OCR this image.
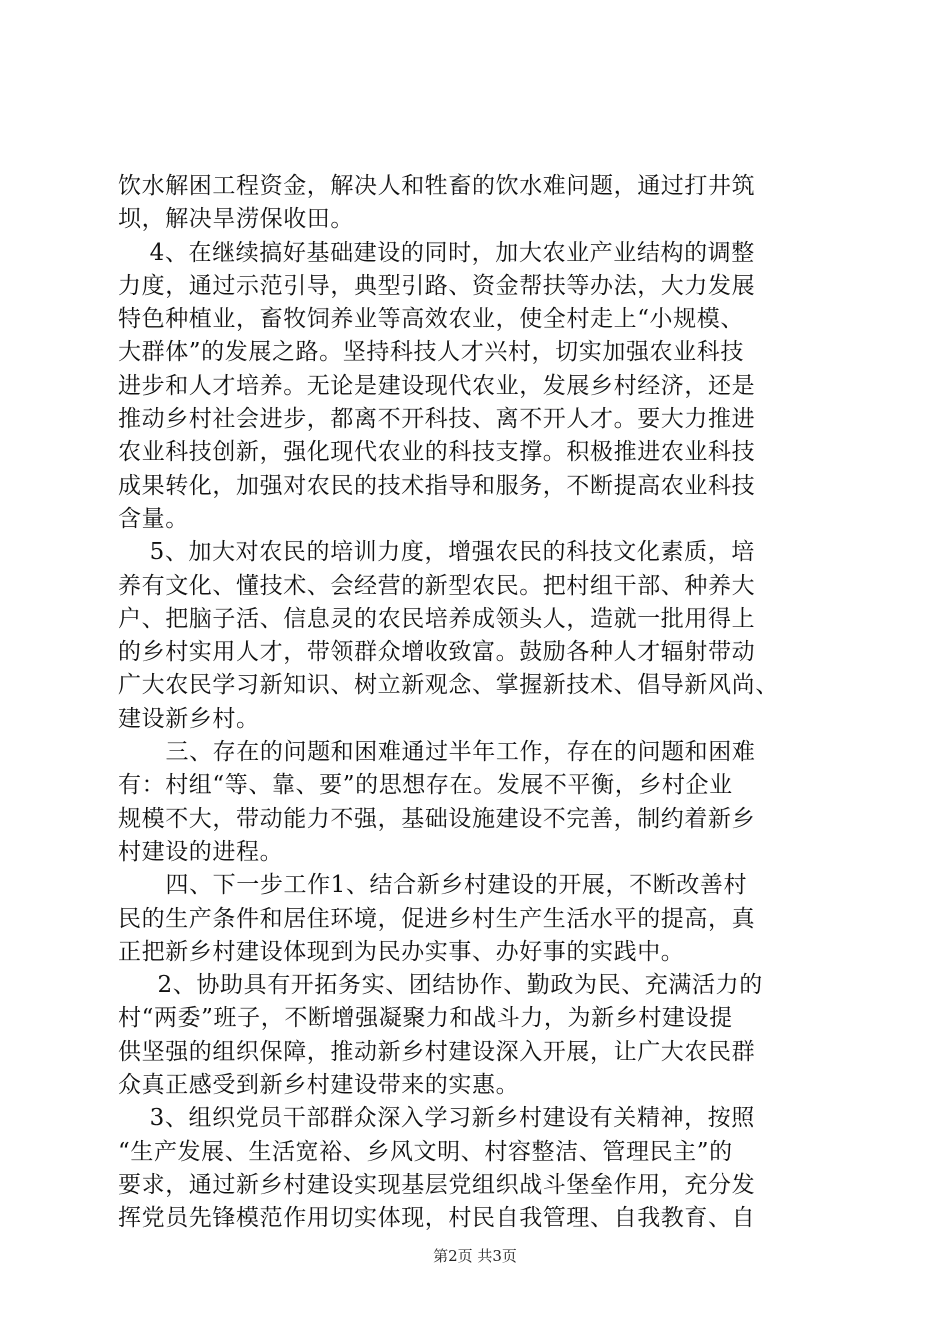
饮水解困工程资金，解决人和牲畜的饮水难问题，通过打井筑
坝，解决旱涝保收田。
4、在继续搞好基础建设的同时，加大农业产业结构的调整
力度，通过示范引导，典型引路、资金帮扶等办法，大力发展
特色种植业，畜牧饲养业等高效农业，使全村走上“小规模、
大群体”的发展之路。坚持科技人才兴村，切实加强农业科技
进步和人才培养。无论是建设现代农业，发展乡村经济，还是
推动乡村社会进步，都离不开科技、离不开人才。要大力推进
农业科技创新，强化现代农业的科技支撑。积极推进农业科技
成果转化，加强对农民的技术指导和服务，不断提高农业科技
含量。
5、加大对农民的培训力度，增强农民的科技文化素质，培
养有文化、懂技术、会经营的新型农民。把村组干部、种养大
户、把脑子活、信息灵的农民培养成领头人，造就一批用得上
的乡村实用人才，带领群众增收致富。鼓励各种人才辐射带动
广大农民学习新知识、树立新观念、掌握新技术、倡导新风尚、
建设新乡村。
三、存在的问题和困难通过半年工作，存在的问题和困难
有：村组“等、靠、要”的思想存在。发展不平衡，乡村企业
规模不大，带动能力不强，基础设施建设不完善，制约着新乡
村建设的进程。
四、下一步工作1、结合新乡村建设的开展，不断改善村
民的生产条件和居住环境，促进乡村生产生活水平的提高，真
正把新乡村建设体现到为民办实事、办好事的实践中。
2、协助具有开拓务实、团结协作、勤政为民、充满活力的
村“两委”班子，不断增强凝聚力和战斗力，为新乡村建设提
供坚强的组织保障，推动新乡村建设深入开展，让广大农民群
众真正感受到新乡村建设带来的实惠。
3、组织党员干部群众深入学习新乡村建设有关精神，按照
“生产发展、生活宽裕、乡风文明、村容整洁、管理民主”的
要求，通过新乡村建设实现基层党组织战斗堡垒作用，充分发
挥党员先锋模范作用切实体现，村民自我管理、自我教育、自
第2页 共3页
